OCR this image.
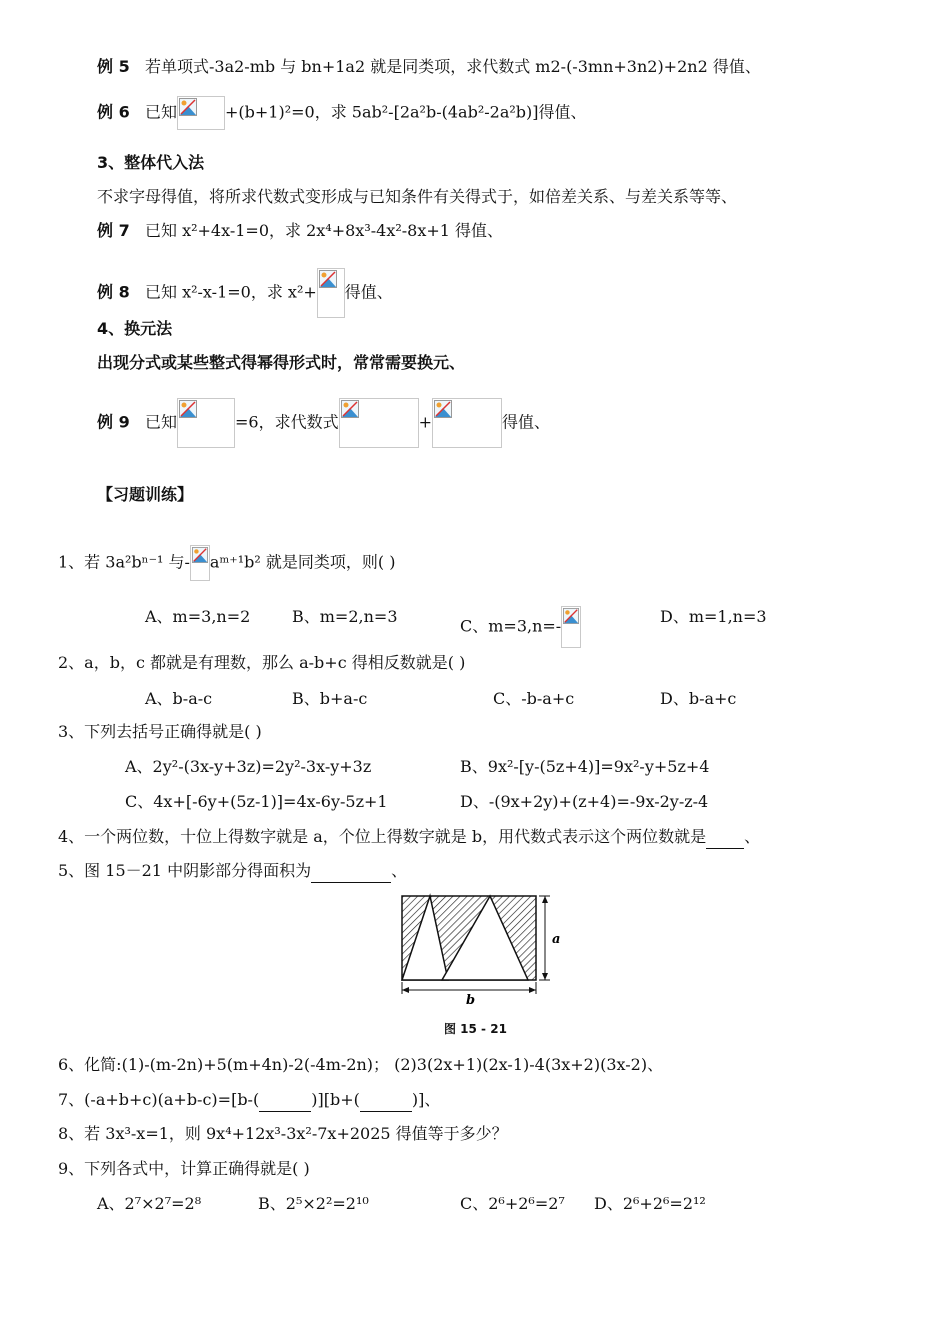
例 5 若单项式-3a2-mb 与 bn+1a2 就是同类项，求代数式 m2-(-3mn+3n2)+2n2 得值、
例 6 已知	+(b+1)²=0，求 5ab²-[2a²b-(4ab²-2a²b)]得值、
3、整体代入法
不求字母得值，将所求代数式变形成与已知条件有关得式于，如倍差关系、与差关系等等、
例 7 已知 x²+4x-1=0，求 2x⁴+8x³-4x²-8x+1 得值、
例 8 已知 x²-x-1=0，求 x²+ 得值、
4、换元法
出现分式或某些整式得幂得形式时，常常需要换元、
例 9 已知	=6，求代数式	+	得值、
【习题训练】
1、若 3a²bⁿ⁻¹ 与- aᵐ⁺¹b² 就是同类项，则( )
A、m=3,n=2	B、m=2,n=3	C、m=3,n=-	D、m=1,n=3
2、a，b，c 都就是有理数，那么 a-b+c 得相反数就是( )
A、b-a-c	B、b+a-c	C、-b-a+c	D、b-a+c
3、下列去括号正确得就是( )
A、2y²-(3x-y+3z)=2y²-3x-y+3z	B、9x²-[y-(5z+4)]=9x²-y+5z+4
C、4x+[-6y+(5z-1)]=4x-6y-5z+1	D、-(9x+2y)+(z+4)=-9x-2y-z-4
4、一个两位数，十位上得数字就是 a，个位上得数字就是 b，用代数式表示这个两位数就是 、
5、图 15－21 中阴影部分得面积为	、
a
b
图 15 - 21
6、化简:(1)-(m-2n)+5(m+4n)-2(-4m-2n)； (2)3(2x+1)(2x-1)-4(3x+2)(3x-2)、
7、(-a+b+c)(a+b-c)=[b-(	)][b+(	)]、
8、若 3x³-x=1，则 9x⁴+12x³-3x²-7x+2025 得值等于多少？
9、下列各式中，计算正确得就是( )
A、2⁷×2⁷=2⁸	B、2⁵×2²=2¹⁰	C、2⁶+2⁶=2⁷ D、2⁶+2⁶=2¹²
